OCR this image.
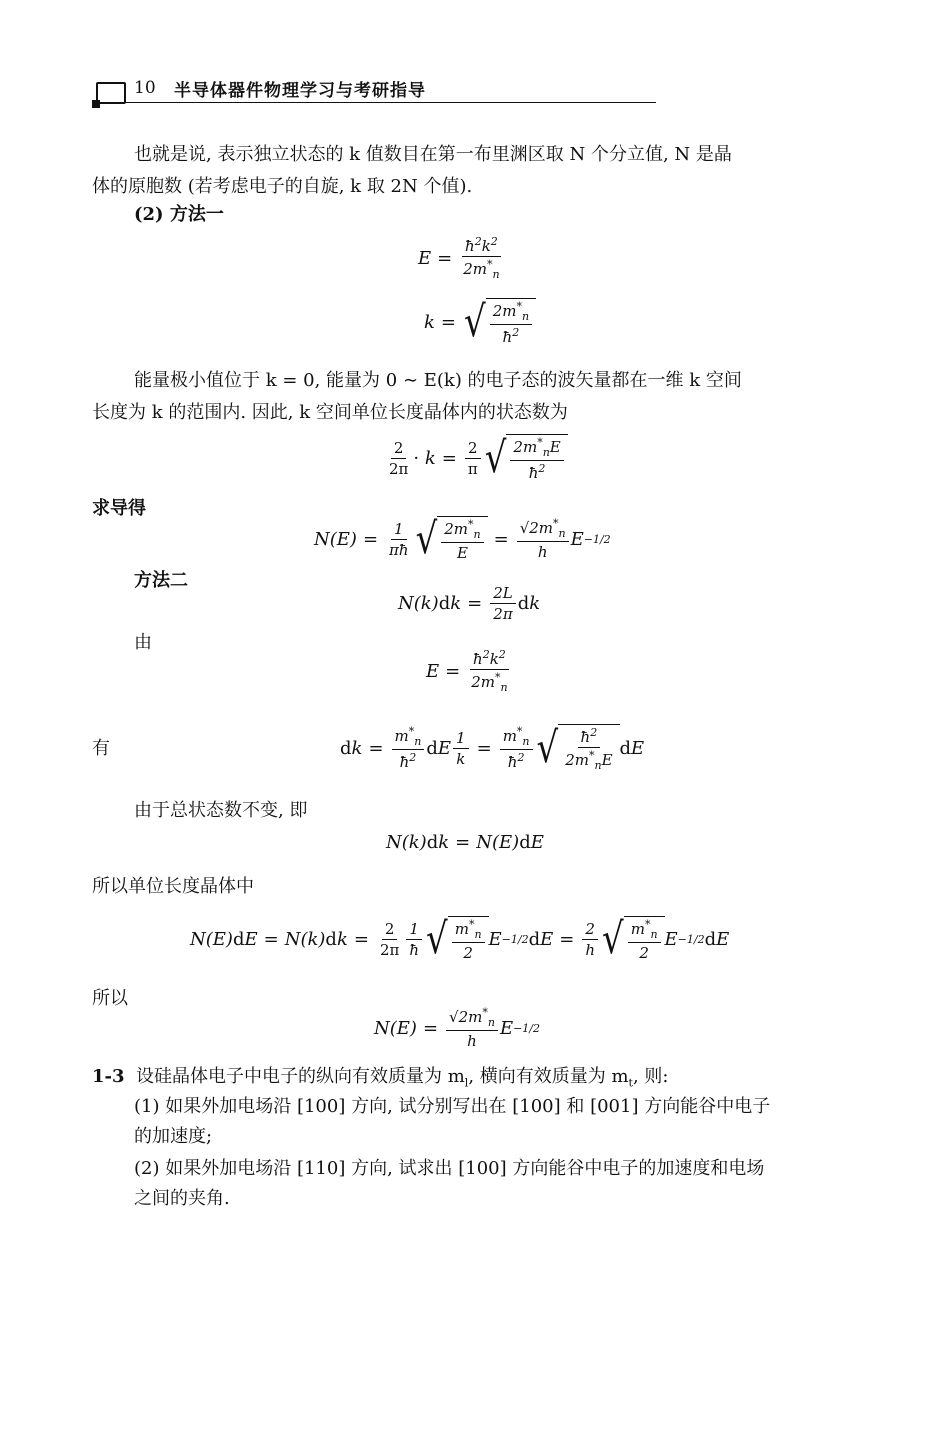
10 半导体器件物理学习与考研指导
也就是说, 表示独立状态的 k 值数目在第一布里渊区取 N 个分立值, N 是晶
体的原胞数 (若考虑电子的自旋, k 取 2N 个值).
(2) 方法一
$E = \frac{ħ^2k^2}{2m^*_n}$
k = √ $\frac{2m^*_n}{ħ^2}$
能量极小值位于 k = 0, 能量为 0 ∼ E(k) 的电子态的波矢量都在一维 k 空间
长度为 k 的范围内. 因此, k 空间单位长度晶体内的状态数为
$\frac{2}{2\pi} \cdot k = \frac{2}{\pi}$ √ $\frac{2m^*_nE}{ħ^2}$
求导得
$N(E) = \frac{1}{\pi ħ}$ √ $\frac{2m^*_n}{E} = \frac{√2m^*_n}{h}$ E −1/2
方法二
N(k) d $k = \frac{2L}{2\pi}$ d k
由
$E = \frac{ħ^2k^2}{2m^*_n}$
有	d $k = \frac{m^*_n}{ħ^2}$ d E $\frac{1}{k} = \frac{m^*_n}{ħ^2}$ √ $\frac{ħ^2}{2m^*_nE}$ d E
由于总状态数不变, 即
N(k) d k = N(E) d E
所以单位长度晶体中
N(E) d E = N(k) d $k = \frac{2}{2\pi} \frac{1}{ħ}$ √ $\frac{m^*_n}{2}$ E −1/2 d $E = \frac{2}{h}$ √ $\frac{m^*_n}{2}$ E −1/2 d E
所以
$N(E) = \frac{√2m^*_n}{h}$ E −1/2
1-3 设硅晶体电子中电子的纵向有效质量为 $m_l$, 横向有效质量为 $m_t$, 则:
(1) 如果外加电场沿 [100] 方向, 试分别写出在 [100] 和 [001] 方向能谷中电子
的加速度;
(2) 如果外加电场沿 [110] 方向, 试求出 [100] 方向能谷中电子的加速度和电场
之间的夹角.
